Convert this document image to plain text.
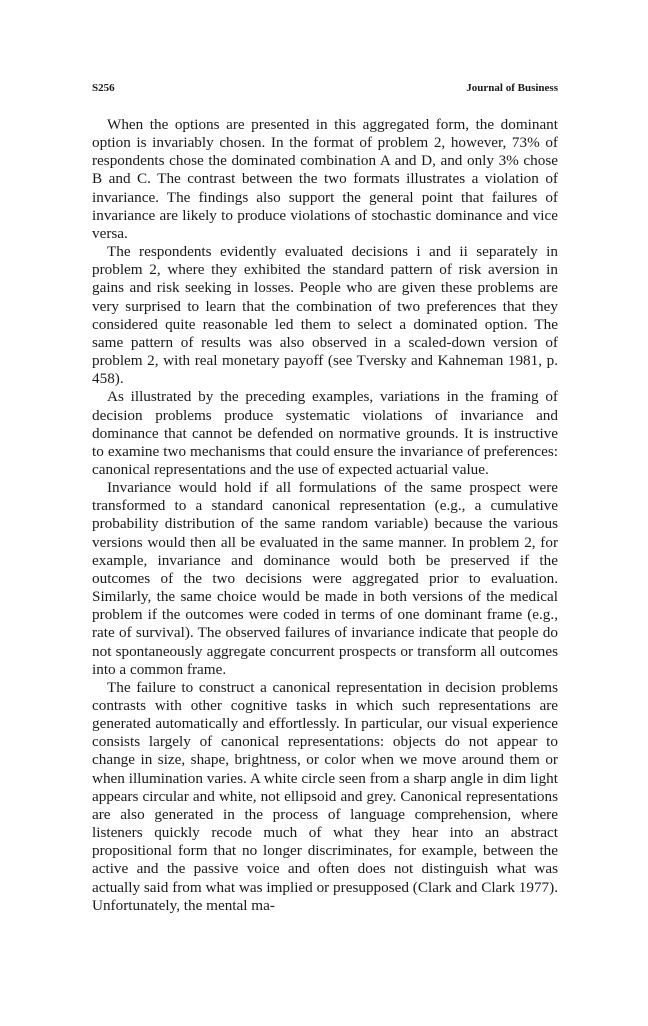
S256	Journal of Business

When the options are presented in this aggregated form, the dominant option is invariably chosen. In the format of problem 2, however, 73% of respondents chose the dominated combination A and D, and only 3% chose B and C. The contrast between the two formats illustrates a violation of invariance. The findings also support the general point that failures of invariance are likely to produce violations of stochastic dominance and vice versa.

The respondents evidently evaluated decisions i and ii separately in problem 2, where they exhibited the standard pattern of risk aversion in gains and risk seeking in losses. People who are given these problems are very surprised to learn that the combination of two preferences that they considered quite reasonable led them to select a dominated option. The same pattern of results was also observed in a scaled-down version of problem 2, with real monetary payoff (see Tversky and Kahneman 1981, p. 458).

As illustrated by the preceding examples, variations in the framing of decision problems produce systematic violations of invariance and dominance that cannot be defended on normative grounds. It is instructive to examine two mechanisms that could ensure the invariance of preferences: canonical representations and the use of expected actuarial value.

Invariance would hold if all formulations of the same prospect were transformed to a standard canonical representation (e.g., a cumulative probability distribution of the same random variable) because the various versions would then all be evaluated in the same manner. In problem 2, for example, invariance and dominance would both be preserved if the outcomes of the two decisions were aggregated prior to evaluation. Similarly, the same choice would be made in both versions of the medical problem if the outcomes were coded in terms of one dominant frame (e.g., rate of survival). The observed failures of invariance indicate that people do not spontaneously aggregate concurrent prospects or transform all outcomes into a common frame.

The failure to construct a canonical representation in decision problems contrasts with other cognitive tasks in which such representations are generated automatically and effortlessly. In particular, our visual experience consists largely of canonical representations: objects do not appear to change in size, shape, brightness, or color when we move around them or when illumination varies. A white circle seen from a sharp angle in dim light appears circular and white, not ellipsoid and grey. Canonical representations are also generated in the process of language comprehension, where listeners quickly recode much of what they hear into an abstract propositional form that no longer discriminates, for example, between the active and the passive voice and often does not distinguish what was actually said from what was implied or presupposed (Clark and Clark 1977). Unfortunately, the mental ma-
